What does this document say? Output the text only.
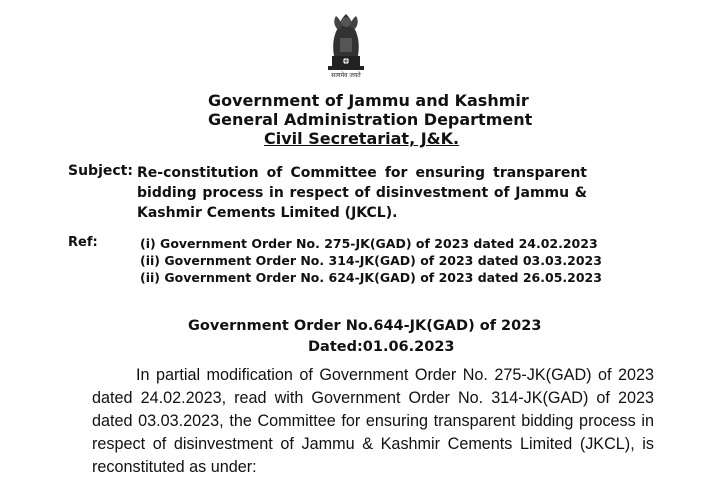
सत्यमेव जयते
Government of Jammu and Kashmir
General Administration Department
Civil Secretariat, J&K.
Subject: Re-constitution of Committee for ensuring transparent bidding process in respect of disinvestment of Jammu & Kashmir Cements Limited (JKCL).
Ref:	(i) Government Order No. 275-JK(GAD) of 2023 dated 24.02.2023
(ii) Government Order No. 314-JK(GAD) of 2023 dated 03.03.2023
(ii) Government Order No. 624-JK(GAD) of 2023 dated 26.05.2023
Government Order No.644-JK(GAD) of 2023
Dated:01.06.2023
In partial modification of Government Order No. 275-JK(GAD) of 2023 dated 24.02.2023, read with Government Order No. 314-JK(GAD) of 2023 dated 03.03.2023, the Committee for ensuring transparent bidding process in respect of disinvestment of Jammu & Kashmir Cements Limited (JKCL), is reconstituted as under:
